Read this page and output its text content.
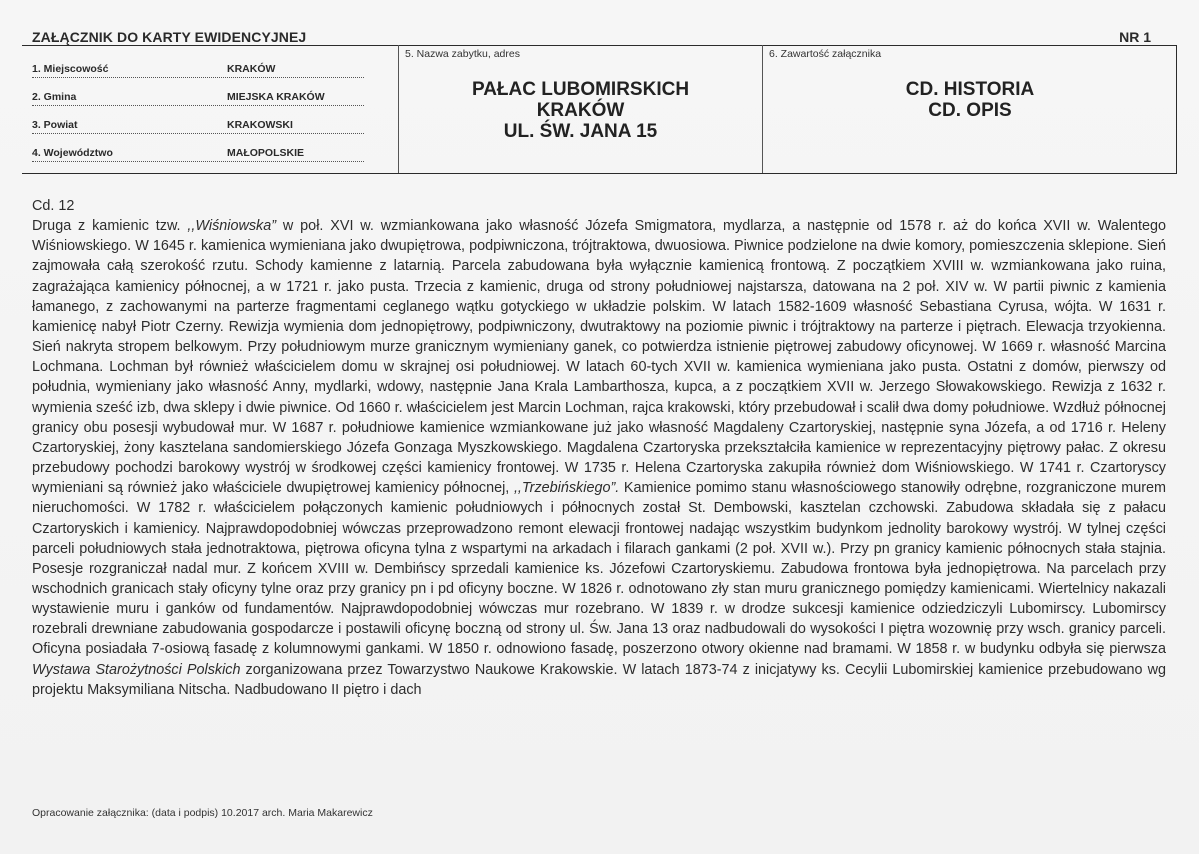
ZAŁĄCZNIK DO KARTY EWIDENCYJNEJ	NR 1
1. Miejscowość	KRAKÓW
2. Gmina	MIEJSKA KRAKÓW
3. Powiat	KRAKOWSKI
4. Województwo	MAŁOPOLSKIE
5. Nazwa zabytku, adres
PAŁAC LUBOMIRSKICH
KRAKÓW
UL. ŚW. JANA 15
6. Zawartość załącznika
CD. HISTORIA
CD. OPIS
Cd. 12
Druga z kamienic tzw. ,,Wiśniowska” w poł. XVI w. wzmiankowana jako własność Józefa Smigmatora, mydlarza, a następnie od 1578 r. aż do końca XVII w. Walentego Wiśniowskiego. W 1645 r. kamienica wymieniana jako dwupiętrowa, podpiwniczona, trójtraktowa, dwuosiowa. Piwnice podzielone na dwie komory, pomieszczenia sklepione. Sień zajmowała całą szerokość rzutu. Schody kamienne z latarnią. Parcela zabudowana była wyłącznie kamienicą frontową. Z początkiem XVIII w. wzmiankowana jako ruina, zagrażająca kamienicy północnej, a w 1721 r. jako pusta. Trzecia z kamienic, druga od strony południowej najstarsza, datowana na 2 poł. XIV w. W partii piwnic z kamienia łamanego, z zachowanymi na parterze fragmentami ceglanego wątku gotyckiego w układzie polskim. W latach 1582-1609 własność Sebastiana Cyrusa, wójta. W 1631 r. kamienicę nabył Piotr Czerny. Rewizja wymienia dom jednopiętrowy, podpiwniczony, dwutraktowy na poziomie piwnic i trójtraktowy na parterze i piętrach. Elewacja trzyokienna. Sień nakryta stropem belkowym. Przy południowym murze granicznym wymieniany ganek, co potwierdza istnienie piętrowej zabudowy oficynowej. W 1669 r. własność Marcina Lochmana. Lochman był również właścicielem domu w skrajnej osi południowej. W latach 60-tych XVII w. kamienica wymieniana jako pusta. Ostatni z domów, pierwszy od południa, wymieniany jako własność Anny, mydlarki, wdowy, następnie Jana Krala Lambarthosza, kupca, a z początkiem XVII w. Jerzego Słowakowskiego. Rewizja z 1632 r. wymienia sześć izb, dwa sklepy i dwie piwnice. Od 1660 r. właścicielem jest Marcin Lochman, rajca krakowski, który przebudował i scalił dwa domy południowe. Wzdłuż północnej granicy obu posesji wybudował mur. W 1687 r. południowe kamienice wzmiankowane już jako własność Magdaleny Czartoryskiej, następnie syna Józefa, a od 1716 r. Heleny Czartoryskiej, żony kasztelana sandomierskiego Józefa Gonzaga Myszkowskiego. Magdalena Czartoryska przekształciła kamienice w reprezentacyjny piętrowy pałac. Z okresu przebudowy pochodzi barokowy wystrój w środkowej części kamienicy frontowej. W 1735 r. Helena Czartoryska zakupiła również dom Wiśniowskiego. W 1741 r. Czartoryscy wymieniani są również jako właściciele dwupiętrowej kamienicy północnej, ,,Trzebińskiego”. Kamienice pomimo stanu własnościowego stanowiły odrębne, rozgraniczone murem nieruchomości. W 1782 r. właścicielem połączonych kamienic południowych i północnych został St. Dembowski, kasztelan czchowski. Zabudowa składała się z pałacu Czartoryskich i kamienicy. Najprawdopodobniej wówczas przeprowadzono remont elewacji frontowej nadając wszystkim budynkom jednolity barokowy wystrój. W tylnej części parceli południowych stała jednotraktowa, piętrowa oficyna tylna z wspartymi na arkadach i filarach gankami (2 poł. XVII w.). Przy pn granicy kamienic północnych stała stajnia. Posesje rozgraniczał nadal mur. Z końcem XVIII w. Dembińscy sprzedali kamienice ks. Józefowi Czartoryskiemu. Zabudowa frontowa była jednopiętrowa. Na parcelach przy wschodnich granicach stały oficyny tylne oraz przy granicy pn i pd oficyny boczne. W 1826 r. odnotowano zły stan muru granicznego pomiędzy kamienicami. Wiertelnicy nakazali wystawienie muru i ganków od fundamentów. Najprawdopodobniej wówczas mur rozebrano. W 1839 r. w drodze sukcesji kamienice odziedziczyli Lubomirscy. Lubomirscy rozebrali drewniane zabudowania gospodarcze i postawili oficynę boczną od strony ul. Św. Jana 13 oraz nadbudowali do wysokości I piętra wozownię przy wsch. granicy parceli. Oficyna posiadała 7-osiową fasadę z kolumnowymi gankami. W 1850 r. odnowiono fasadę, poszerzono otwory okienne nad bramami. W 1858 r. w budynku odbyła się pierwsza Wystawa Starożytności Polskich zorganizowana przez Towarzystwo Naukowe Krakowskie. W latach 1873-74 z inicjatywy ks. Cecylii Lubomirskiej kamienice przebudowano wg projektu Maksymiliana Nitscha. Nadbudowano II piętro i dach
Opracowanie załącznika: (data i podpis) 10.2017 arch. Maria Makarewicz
